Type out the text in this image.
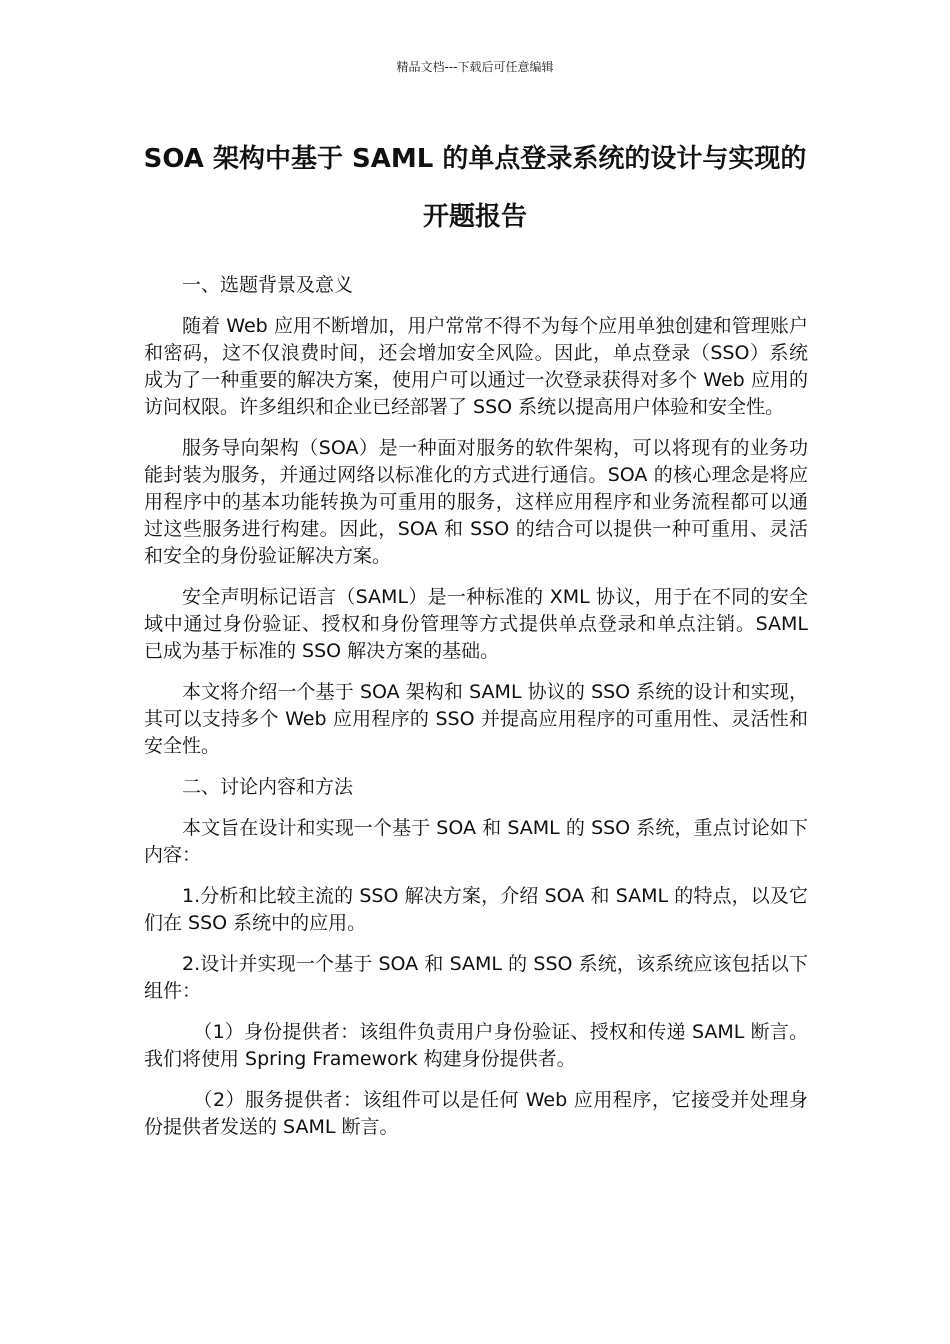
精品文档---下载后可任意编辑
SOA 架构中基于 SAML 的单点登录系统的设计与实现的开题报告

一、选题背景及意义

随着 Web 应用不断增加，用户常常不得不为每个应用单独创建和管理账户和密码，这不仅浪费时间，还会增加安全风险。因此，单点登录（SSO）系统成为了一种重要的解决方案，使用户可以通过一次登录获得对多个 Web 应用的访问权限。许多组织和企业已经部署了 SSO 系统以提高用户体验和安全性。

服务导向架构（SOA）是一种面对服务的软件架构，可以将现有的业务功能封装为服务，并通过网络以标准化的方式进行通信。SOA 的核心理念是将应用程序中的基本功能转换为可重用的服务，这样应用程序和业务流程都可以通过这些服务进行构建。因此，SOA 和 SSO 的结合可以提供一种可重用、灵活和安全的身份验证解决方案。

安全声明标记语言（SAML）是一种标准的 XML 协议，用于在不同的安全域中通过身份验证、授权和身份管理等方式提供单点登录和单点注销。SAML 已成为基于标准的 SSO 解决方案的基础。

本文将介绍一个基于 SOA 架构和 SAML 协议的 SSO 系统的设计和实现，其可以支持多个 Web 应用程序的 SSO 并提高应用程序的可重用性、灵活性和安全性。

二、讨论内容和方法

本文旨在设计和实现一个基于 SOA 和 SAML 的 SSO 系统，重点讨论如下内容：

1.分析和比较主流的 SSO 解决方案，介绍 SOA 和 SAML 的特点，以及它们在 SSO 系统中的应用。

2.设计并实现一个基于 SOA 和 SAML 的 SSO 系统，该系统应该包括以下组件：

（1）身份提供者：该组件负责用户身份验证、授权和传递 SAML 断言。我们将使用 Spring Framework 构建身份提供者。

（2）服务提供者：该组件可以是任何 Web 应用程序，它接受并处理身份提供者发送的 SAML 断言。
